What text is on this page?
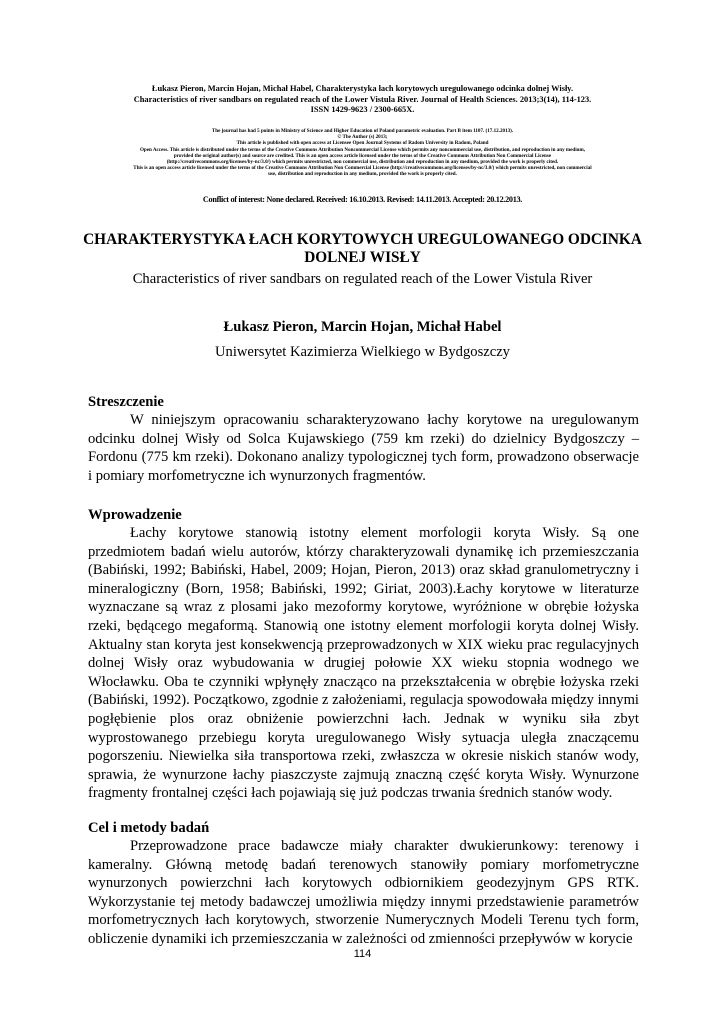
Łukasz Pieron, Marcin Hojan, Michał Habel, Charakterystyka łach korytowych uregulowanego odcinka dolnej Wisły.
Characteristics of river sandbars on regulated reach of the Lower Vistula River. Journal of Health Sciences. 2013;3(14), 114-123.
ISSN 1429-9623 / 2300-665X.
The journal has had 5 points in Ministry of Science and Higher Education of Poland parametric evaluation. Part B item 1107. (17.12.2013).
© The Author (s) 2013;
This article is published with open access at Licensee Open Journal Systems of Radom University in Radom, Poland
Open Access. This article is distributed under the terms of the Creative Commons Attribution Noncommercial License which permits any noncommercial use, distribution, and reproduction in any medium,
provided the original author(s) and source are credited. This is an open access article licensed under the terms of the Creative Commons Attribution Non Commercial License
(http://creativecommons.org/licenses/by-nc/3.0/) which permits unrestricted, non commercial use, distribution and reproduction in any medium, provided the work is properly cited.
This is an open access article licensed under the terms of the Creative Commons Attribution Non Commercial License (http://creativecommons.org/licenses/by-nc/3.0/) which permits unrestricted, non commercial
use, distribution and reproduction in any medium, provided the work is properly cited.
Conflict of interest: None declared. Received: 16.10.2013. Revised: 14.11.2013. Accepted: 20.12.2013.
CHARAKTERYSTYKA ŁACH KORYTOWYCH UREGULOWANEGO ODCINKA
DOLNEJ WISŁY
Characteristics of river sandbars on regulated reach of the Lower Vistula River
Łukasz Pieron, Marcin Hojan, Michał Habel
Uniwersytet Kazimierza Wielkiego w Bydgoszczy
Streszczenie
W niniejszym opracowaniu scharakteryzowano łachy korytowe na uregulowanym odcinku dolnej Wisły od Solca Kujawskiego (759 km rzeki) do dzielnicy Bydgoszczy – Fordonu (775 km rzeki). Dokonano analizy typologicznej tych form, prowadzono obserwacje i pomiary morfometryczne ich wynurzonych fragmentów.
Wprowadzenie
Łachy korytowe stanowią istotny element morfologii koryta Wisły. Są one przedmiotem badań wielu autorów, którzy charakteryzowali dynamikę ich przemieszczania (Babiński, 1992; Babiński, Habel, 2009; Hojan, Pieron, 2013) oraz skład granulometryczny i mineralogiczny (Born, 1958; Babiński, 1992; Giriat, 2003).Łachy korytowe w literaturze wyznaczane są wraz z plosami jako mezoformy korytowe, wyróżnione w obrębie łożyska rzeki, będącego megaformą. Stanowią one istotny element morfologii koryta dolnej Wisły. Aktualny stan koryta jest konsekwencją przeprowadzonych w XIX wieku prac regulacyjnych dolnej Wisły oraz wybudowania w drugiej połowie XX wieku stopnia wodnego we Włocławku. Oba te czynniki wpłynęły znacząco na przekształcenia w obrębie łożyska rzeki (Babiński, 1992). Początkowo, zgodnie z założeniami, regulacja spowodowała między innymi pogłębienie plos oraz obniżenie powierzchni łach. Jednak w wyniku siła zbyt wyprostowanego przebiegu koryta uregulowanego Wisły sytuacja uległa znaczącemu pogorszeniu. Niewielka siła transportowa rzeki, zwłaszcza w okresie niskich stanów wody, sprawia, że wynurzone łachy piaszczyste zajmują znaczną część koryta Wisły. Wynurzone fragmenty frontalnej części łach pojawiają się już podczas trwania średnich stanów wody.
Cel i metody badań
Przeprowadzone prace badawcze miały charakter dwukierunkowy: terenowy i kameralny. Główną metodę badań terenowych stanowiły pomiary morfometryczne wynurzonych powierzchni łach korytowych odbiornikiem geodezyjnym GPS RTK. Wykorzystanie tej metody badawczej umożliwia między innymi przedstawienie parametrów morfometrycznych łach korytowych, stworzenie Numerycznych Modeli Terenu tych form, obliczenie dynamiki ich przemieszczania w zależności od zmienności przepływów w korycie
114
